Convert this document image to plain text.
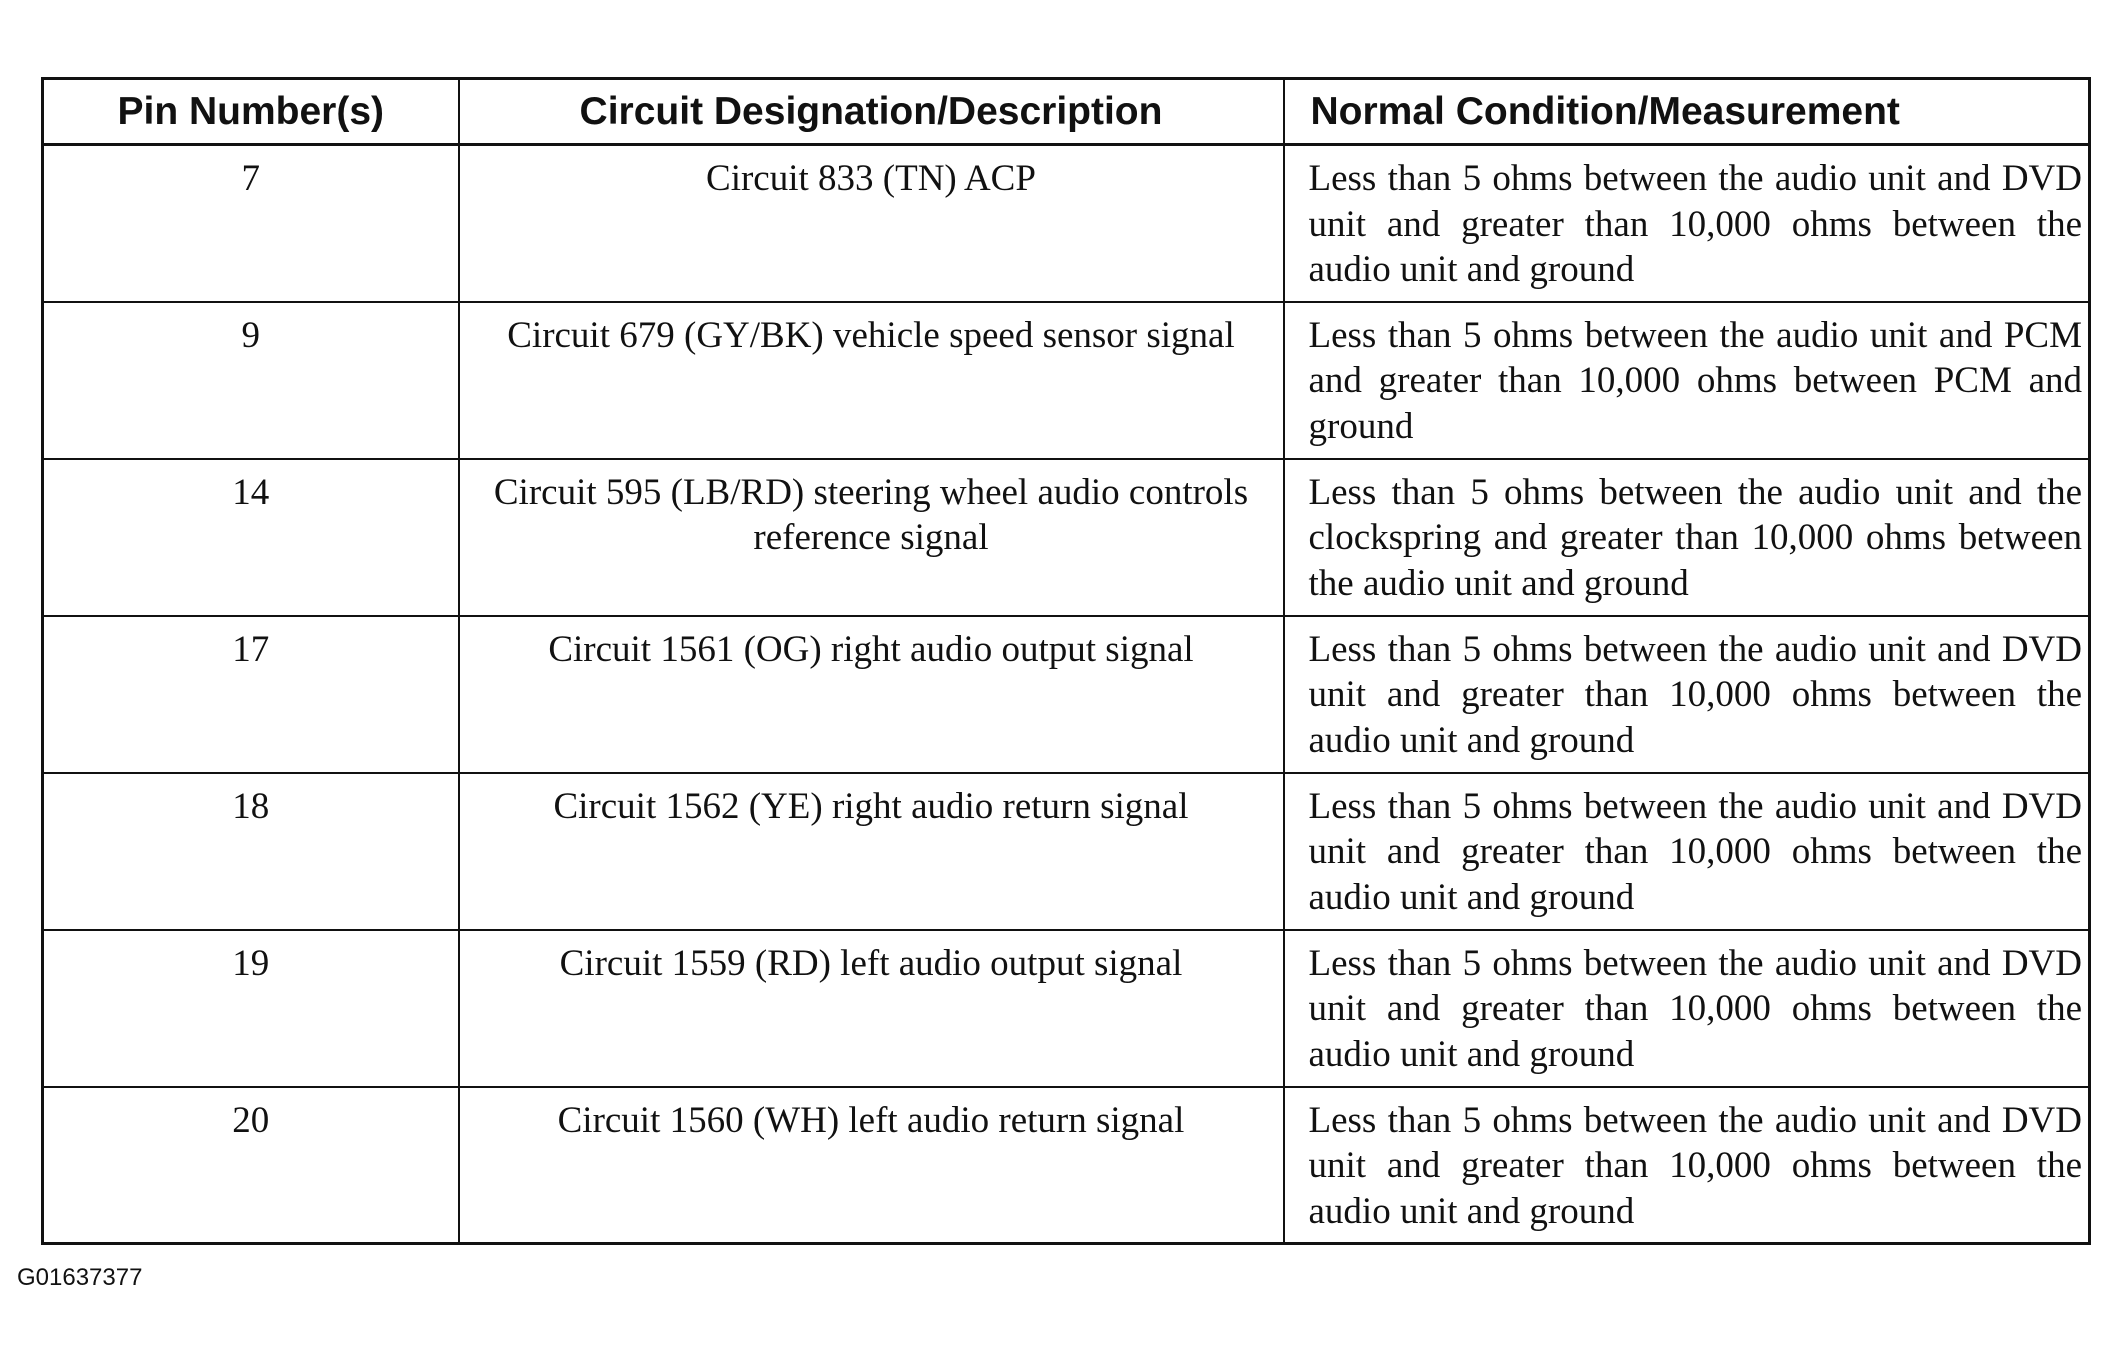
Pin Number(s)	Circuit Designation/Description	Normal Condition/Measurement
7	Circuit 833 (TN) ACP	Less than 5 ohms between the audio unit and DVD unit and greater than 10,000 ohms between the audio unit and ground
9	Circuit 679 (GY/BK) vehicle speed sensor signal	Less than 5 ohms between the audio unit and PCM and greater than 10,000 ohms between PCM and ground
14	Circuit 595 (LB/RD) steering wheel audio controls reference signal	Less than 5 ohms between the audio unit and the clockspring and greater than 10,000 ohms between the audio unit and ground
17	Circuit 1561 (OG) right audio output signal	Less than 5 ohms between the audio unit and DVD unit and greater than 10,000 ohms between the audio unit and ground
18	Circuit 1562 (YE) right audio return signal	Less than 5 ohms between the audio unit and DVD unit and greater than 10,000 ohms between the audio unit and ground
19	Circuit 1559 (RD) left audio output signal	Less than 5 ohms between the audio unit and DVD unit and greater than 10,000 ohms between the audio unit and ground
20	Circuit 1560 (WH) left audio return signal	Less than 5 ohms between the audio unit and DVD unit and greater than 10,000 ohms between the audio unit and ground
G01637377
